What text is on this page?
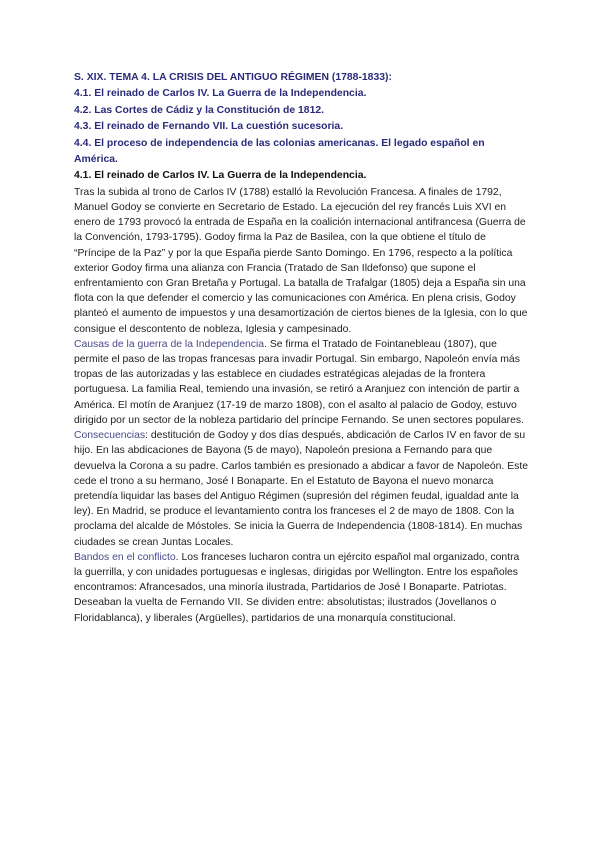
S. XIX. TEMA 4. LA CRISIS DEL ANTIGUO RÉGIMEN (1788-1833):
4.1. El reinado de Carlos IV. La Guerra de la Independencia.
4.2. Las Cortes de Cádiz y la Constitución de 1812.
4.3. El reinado de Fernando VII. La cuestión sucesoria.
4.4. El proceso de independencia de las colonias americanas. El legado español en América.
4.1. El reinado de Carlos IV. La Guerra de la Independencia.

Tras la subida al trono de Carlos IV (1788) estalló la Revolución Francesa. A finales de 1792, Manuel Godoy se convierte en Secretario de Estado. La ejecución del rey francés Luis XVI en enero de 1793 provocó la entrada de España en la coalición internacional antifrancesa (Guerra de la Convención, 1793-1795). Godoy firma la Paz de Basilea, con la que obtiene el título de “Príncipe de la Paz” y por la que España pierde Santo Domingo. En 1796, respecto a la política exterior Godoy firma una alianza con Francia (Tratado de San Ildefonso) que supone el enfrentamiento con Gran Bretaña y Portugal. La batalla de Trafalgar (1805) deja a España sin una flota con la que defender el comercio y las comunicaciones con América. En plena crisis, Godoy planteó el aumento de impuestos y una desamortización de ciertos bienes de la Iglesia, con lo que consigue el descontento de nobleza, Iglesia y campesinado.

Causas de la guerra de la Independencia. Se firma el Tratado de Fointanebleau (1807), que permite el paso de las tropas francesas para invadir Portugal. Sin embargo, Napoleón envía más tropas de las autorizadas y las establece en ciudades estratégicas alejadas de la frontera portuguesa. La familia Real, temiendo una invasión, se retiró a Aranjuez con intención de partir a América. El motín de Aranjuez (17-19 de marzo 1808), con el asalto al palacio de Godoy, estuvo dirigido por un sector de la nobleza partidario del príncipe Fernando. Se unen sectores populares.

Consecuencias: destitución de Godoy y dos días después, abdicación de Carlos IV en favor de su hijo. En las abdicaciones de Bayona (5 de mayo), Napoleón presiona a Fernando para que devuelva la Corona a su padre. Carlos también es presionado a abdicar a favor de Napoleón. Este cede el trono a su hermano, José I Bonaparte. En el Estatuto de Bayona el nuevo monarca pretendía liquidar las bases del Antiguo Régimen (supresión del régimen feudal, igualdad ante la ley). En Madrid, se produce el levantamiento contra los franceses el 2 de mayo de 1808. Con la proclama del alcalde de Móstoles. Se inicia la Guerra de Independencia (1808-1814). En muchas ciudades se crean Juntas Locales.

Bandos en el conflicto. Los franceses lucharon contra un ejército español mal organizado, contra la guerrilla, y con unidades portuguesas e inglesas, dirigidas por Wellington. Entre los españoles encontramos: Afrancesados, una minoría ilustrada, Partidarios de José I Bonaparte. Patriotas. Deseaban la vuelta de Fernando VII. Se dividen entre: absolutistas; ilustrados (Jovellanos o Floridablanca), y liberales (Argüelles), partidarios de una monarquía constitucional.
